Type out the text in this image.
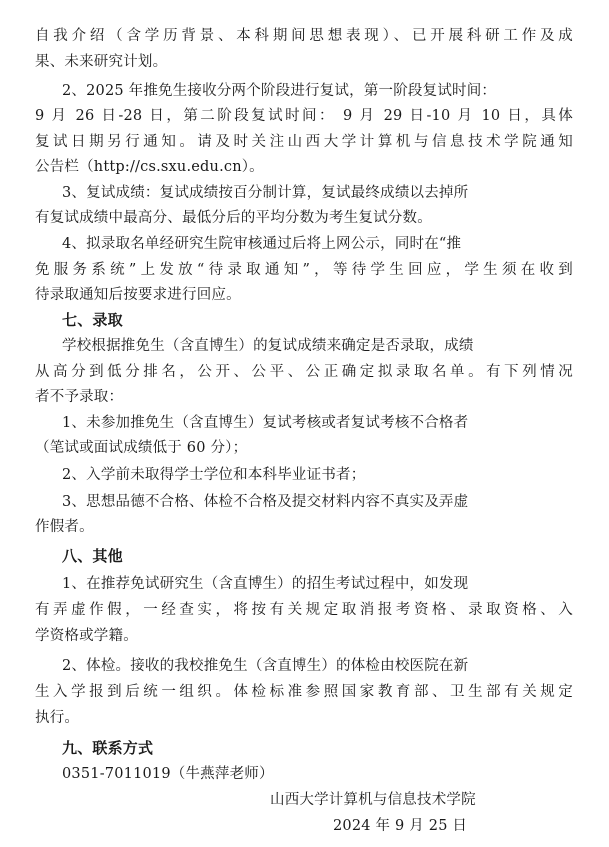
自我介绍（含学历背景、本科期间思想表现）、已开展科研工作及成
果、未来研究计划。
2、2025 年推免生接收分两个阶段进行复试，第一阶段复试时间：
9 月 26 日-28 日，第二阶段复试时间： 9 月 29 日-10 月 10 日，具体
复试日期另行通知。请及时关注山西大学计算机与信息技术学院通知
公告栏（http://cs.sxu.edu.cn）。
3、复试成绩：复试成绩按百分制计算，复试最终成绩以去掉所
有复试成绩中最高分、最低分后的平均分数为考生复试分数。
4、拟录取名单经研究生院审核通过后将上网公示，同时在“推
免服务系统”上发放“待录取通知”，等待学生回应，学生须在收到
待录取通知后按要求进行回应。
七、录取
学校根据推免生（含直博生）的复试成绩来确定是否录取，成绩
从高分到低分排名，公开、公平、公正确定拟录取名单。有下列情况
者不予录取：
1、未参加推免生（含直博生）复试考核或者复试考核不合格者
（笔试或面试成绩低于 60 分）；
2、入学前未取得学士学位和本科毕业证书者；
3、思想品德不合格、体检不合格及提交材料内容不真实及弄虚
作假者。
八、其他
1、在推荐免试研究生（含直博生）的招生考试过程中，如发现
有弄虚作假，一经查实，将按有关规定取消报考资格、录取资格、入
学资格或学籍。
2、体检。接收的我校推免生（含直博生）的体检由校医院在新
生入学报到后统一组织。体检标准参照国家教育部、卫生部有关规定
执行。
九、联系方式
0351-7011019（牛燕萍老师）
山西大学计算机与信息技术学院
2024 年 9 月 25 日
